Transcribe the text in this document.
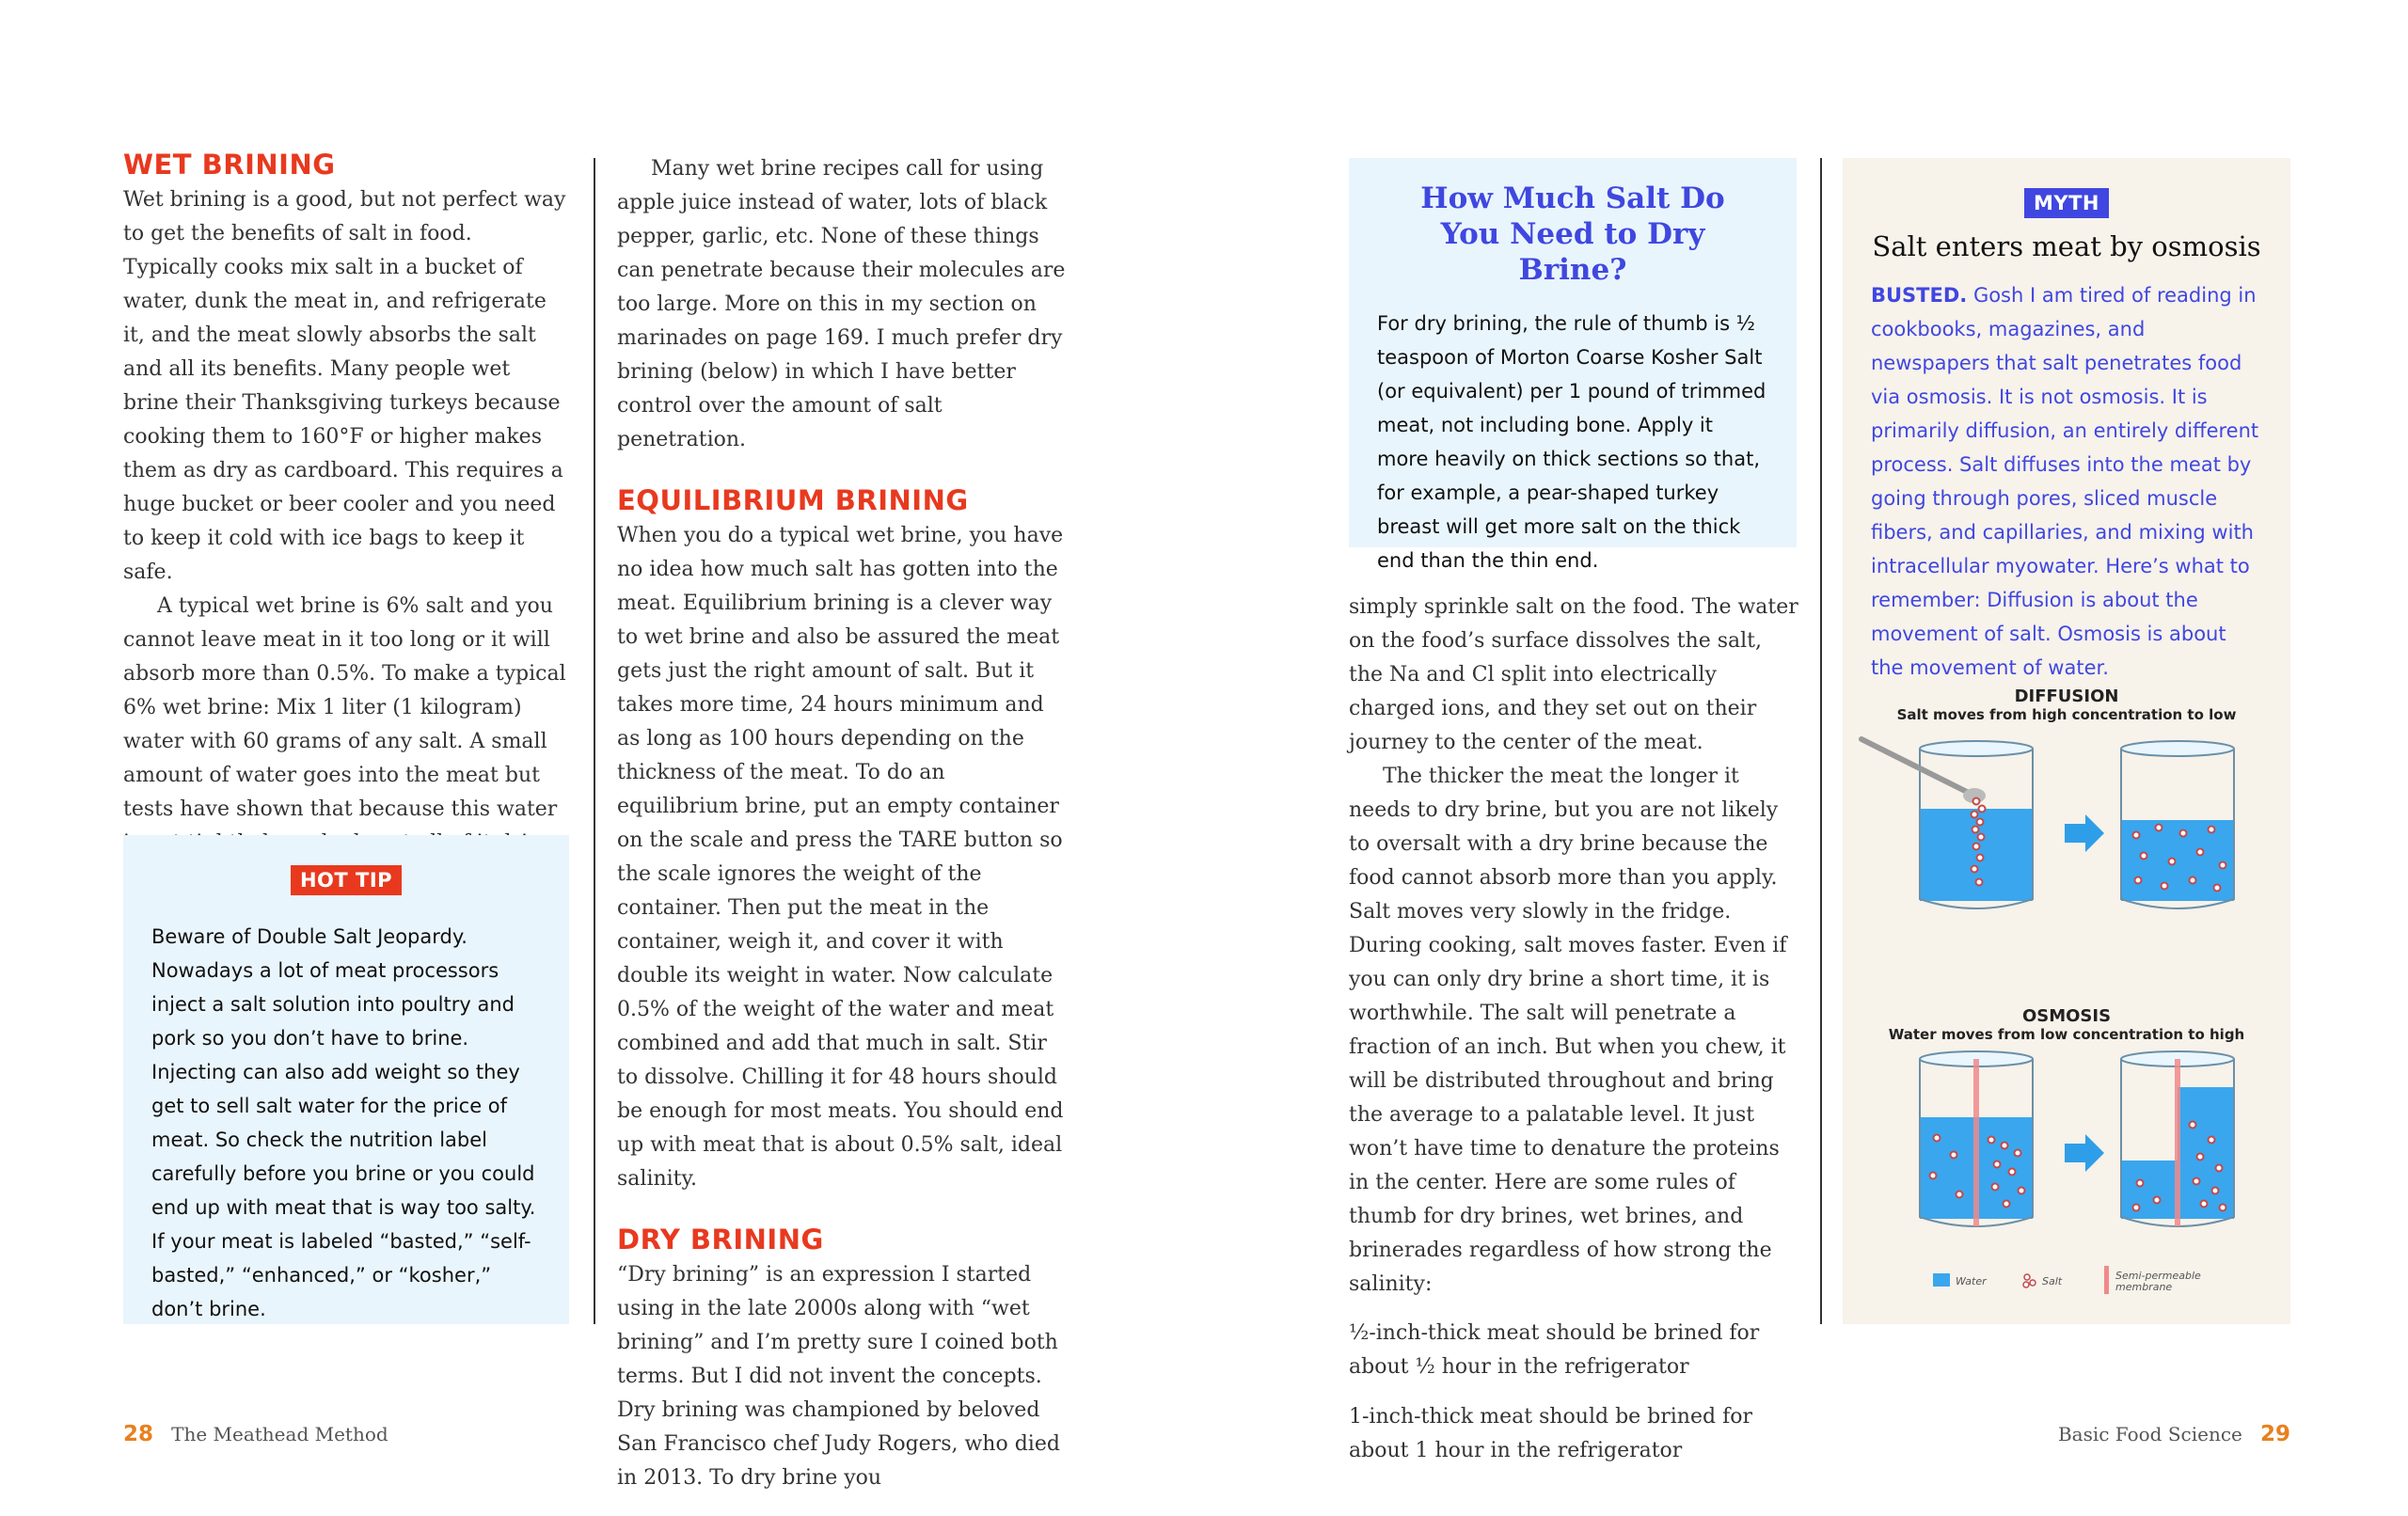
WET BRINING

Wet brining is a good, but not perfect way to get the benefits of salt in food. Typically cooks mix salt in a bucket of water, dunk the meat in, and refrigerate it, and the meat slowly absorbs the salt and all its benefits. Many people wet brine their Thanksgiving turkeys because cooking them to 160°F or higher makes them as dry as cardboard. This requires a huge bucket or beer cooler and you need to keep it cold with ice bags to keep it safe.

A typical wet brine is 6% salt and you cannot leave meat in it too long or it will absorb more than 0.5%. To make a typical 6% wet brine: Mix 1 liter (1 kilogram) water with 60 grams of any salt. A small amount of water goes into the meat but tests have shown that because this water

HOT TIP

Beware of Double Salt Jeopardy. Nowadays a lot of meat processors inject a salt solution into poultry and pork so you don’t have to brine. Injecting can also add weight so they get to sell salt water for the price of meat. So check the nutrition label carefully before you brine or you could end up with meat that is way too salty. If your meat is labeled “basted,” “self-basted,” “enhanced,” or “kosher,” don’t brine.

Many wet brine recipes call for using apple juice instead of water, lots of black pepper, garlic, etc. None of these things can penetrate because their molecules are too large. More on this in my section on marinades on page 169. I much prefer dry brining (below) in which I have better control over the amount of salt penetration.

EQUILIBRIUM BRINING

When you do a typical wet brine, you have no idea how much salt has gotten into the meat. Equilibrium brining is a clever way to wet brine and also be assured the meat gets just the right amount of salt. But it takes more time, 24 hours minimum and as long as 100 hours depending on the thickness of the meat. To do an equilibrium brine, put an empty container on the scale and press the TARE button so the scale ignores the weight of the container. Then put the meat in the container, weigh it, and cover it with double its weight in water. Now calculate 0.5% of the weight of the water and meat combined and add that much in salt. Stir to dissolve. Chilling it for 48 hours should be enough for most meats. You should end up with meat that is about 0.5% salt, ideal salinity.

DRY BRINING

“Dry brining” is an expression I started using in the late 2000s along with “wet brining” and I’m pretty sure I coined both terms. But I did not invent the concepts. Dry brining was championed by beloved San Francisco chef Judy Rogers, who died in 2013. To dry brine you

28 The Meathead Method

How Much Salt Do You Need to Dry Brine?

For dry brining, the rule of thumb is ½ teaspoon of Morton Coarse Kosher Salt (or equivalent) per 1 pound of trimmed meat, not including bone. Apply it more heavily on thick sections so that, for example, a pear-shaped turkey breast will get more salt on the thick end than the thin end.

simply sprinkle salt on the food. The water on the food’s surface dissolves the salt, the Na and Cl split into electrically charged ions, and they set out on their journey to the center of the meat.

The thicker the meat the longer it needs to dry brine, but you are not likely to oversalt with a dry brine because the food cannot absorb more than you apply. Salt moves very slowly in the fridge. During cooking, salt moves faster. Even if you can only dry brine a short time, it is worthwhile. The salt will penetrate a fraction of an inch. But when you chew, it will be distributed throughout and bring the average to a palatable level. It just won’t have time to denature the proteins in the center. Here are some rules of thumb for dry brines, wet brines, and brinerades regardless of how strong the salinity:

½-inch-thick meat should be brined for about ½ hour in the refrigerator

1-inch-thick meat should be brined for about 1 hour in the refrigerator

MYTH

Salt enters meat by osmosis

BUSTED. Gosh I am tired of reading in cookbooks, magazines, and newspapers that salt penetrates food via osmosis. It is not osmosis. It is primarily diffusion, an entirely different process. Salt diffuses into the meat by going through pores, sliced muscle fibers, and capillaries, and mixing with intracellular myowater. Here’s what to remember: Diffusion is about the movement of salt. Osmosis is about the movement of water.

DIFFUSION

Salt moves from high concentration to low

OSMOSIS

Water moves from low concentration to high

Water	Salt	Semi-permeable
membrane
Basic Food Science 29
